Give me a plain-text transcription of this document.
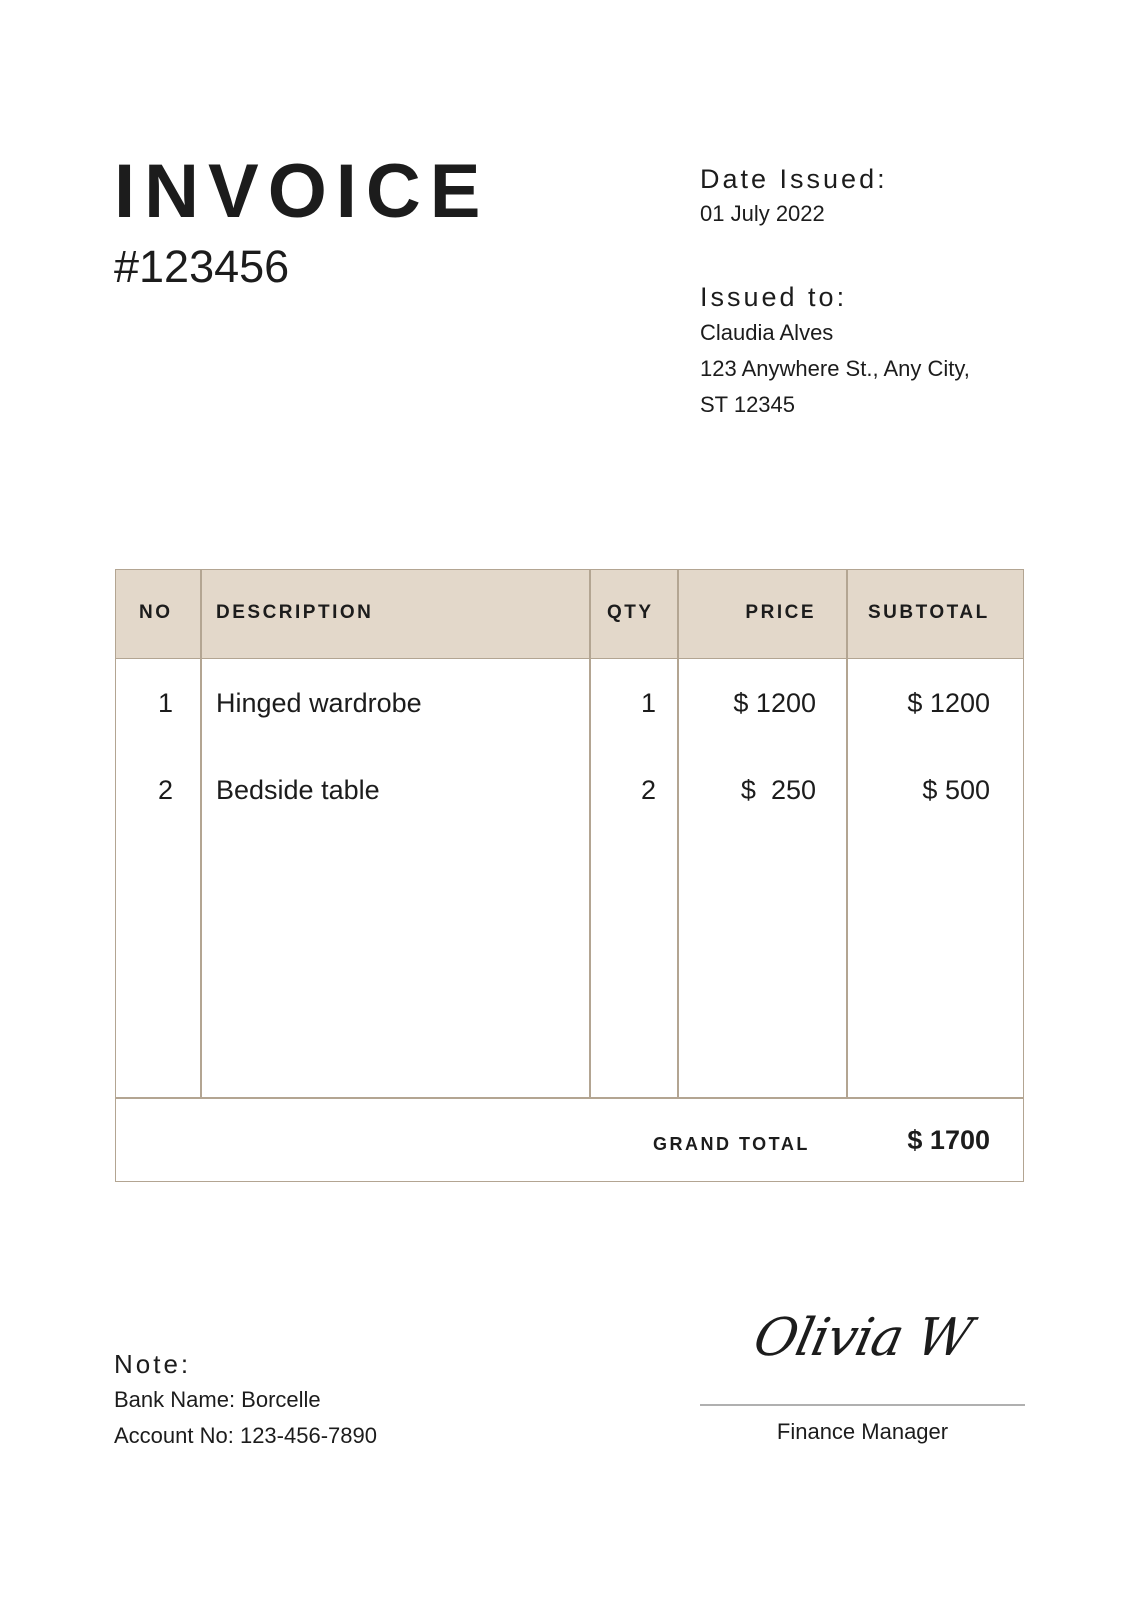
INVOICE
#123456
Date Issued:
01 July 2022
Issued to:
Claudia Alves
123 Anywhere St., Any City,
ST 12345
NO DESCRIPTION	QTY	PRICE	SUBTOTAL
1 Hinged wardrobe	1	$ 1200	$ 1200
2 Bedside table	2	$  250	$ 500
GRAND TOTAL	$ 1700
Note:
Bank Name: Borcelle
Account No: 123-456-7890
Olivia W
Finance Manager
